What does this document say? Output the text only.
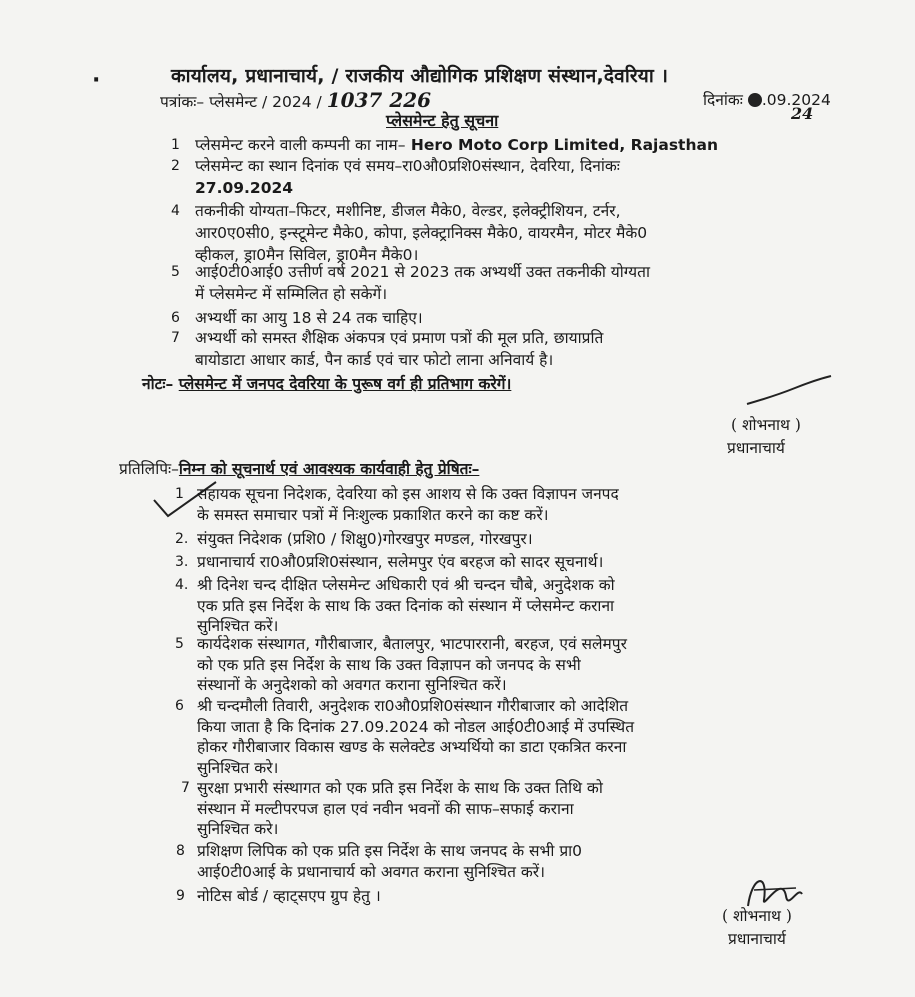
·	कार्यालय, प्रधानाचार्य, / राजकीय औद्योगिक प्रशिक्षण संस्थान,देवरिया ।
पत्रांकः– प्लेसमेन्ट / 2024 / 1037 226	दिनांकः .09.2024
24
प्लेसमेन्ट हेतु सूचना
1 प्लेसमेन्ट करने वाली कम्पनी का नाम– Hero Moto Corp Limited, Rajasthan
2 प्लेसमेन्ट का स्थान दिनांक एवं समय–रा0औ0प्रशि0संस्थान, देवरिया, दिनांकः
27.09.2024
4 तकनीकी योग्यता–फिटर, मशीनिष्ट, डीजल मैके0, वेल्डर, इलेक्ट्रीशियन, टर्नर,
आर0ए0सी0, इन्स्टूमेन्ट मैके0, कोपा, इलेक्ट्रानिक्स मैके0, वायरमैन, मोटर मैके0
व्हीकल, ड्रा0मैन सिविल, ड्रा0मैन मैके0।
5 आई0टी0आई0 उत्तीर्ण वर्ष 2021 से 2023 तक अभ्यर्थी उक्त तकनीकी योग्यता
में प्लेसमेन्ट में सम्मिलित हो सकेगें।
6 अभ्यर्थी का आयु 18 से 24 तक चाहिए।
7 अभ्यर्थी को समस्त शैक्षिक अंकपत्र एवं प्रमाण पत्रों की मूल प्रति, छायाप्रति
बायोडाटा आधार कार्ड, पैन कार्ड एवं चार फोटो लाना अनिवार्य है।
नोटः– प्लेसमेन्ट में जनपद देवरिया के पुरूष वर्ग ही प्रतिभाग करेगें।
( शोभनाथ )
प्रधानाचार्य
प्रतिलिपिः–निम्न को सूचनार्थ एवं आवश्यक कार्यवाही हेतु प्रेषितः–
1 सहायक सूचना निदेशक, देवरिया को इस आशय से कि उक्त विज्ञापन जनपद
के समस्त समाचार पत्रों में निःशुल्क प्रकाशित करने का कष्ट करें।
2. संयुक्त निदेशक (प्रशि0 / शिक्षु0)गोरखपुर मण्डल, गोरखपुर।
3. प्रधानाचार्य रा0औ0प्रशि0संस्थान, सलेमपुर एंव बरहज को सादर सूचनार्थ।
4. श्री दिनेश चन्द दीक्षित प्लेसमेन्ट अधिकारी एवं श्री चन्दन चौबे, अनुदेशक को
एक प्रति इस निर्देश के साथ कि उक्त दिनांक को संस्थान में प्लेसमेन्ट कराना
सुनिश्चित करें।
5 कार्यदेशक संस्थागत, गौरीबाजार, बैतालपुर, भाटपाररानी, बरहज, एवं सलेमपुर
को एक प्रति इस निर्देश के साथ कि उक्त विज्ञापन को जनपद के सभी
संस्थानों के अनुदेशको को अवगत कराना सुनिश्चित करें।
6 श्री चन्दमौली तिवारी, अनुदेशक रा0औ0प्रशि0संस्थान गौरीबाजार को आदेशित
किया जाता है कि दिनांक 27.09.2024 को नोडल आई0टी0आई में उपस्थित
होकर गौरीबाजार विकास खण्ड के सलेक्टेड अभ्यर्थियो का डाटा एकत्रित करना
सुनिश्चित करे।
7 सुरक्षा प्रभारी संस्थागत को एक प्रति इस निर्देश के साथ कि उक्त तिथि को
संस्थान में मल्टीपरपज हाल एवं नवीन भवनों की साफ–सफाई कराना
सुनिश्चित करे।
8 प्रशिक्षण लिपिक को एक प्रति इस निर्देश के साथ जनपद के सभी प्रा0
आई0टी0आई के प्रधानाचार्य को अवगत कराना सुनिश्चित करें।
9 नोटिस बोर्ड / व्हाट्सएप ग्रुप हेतु ।
( शोभनाथ )
प्रधानाचार्य
